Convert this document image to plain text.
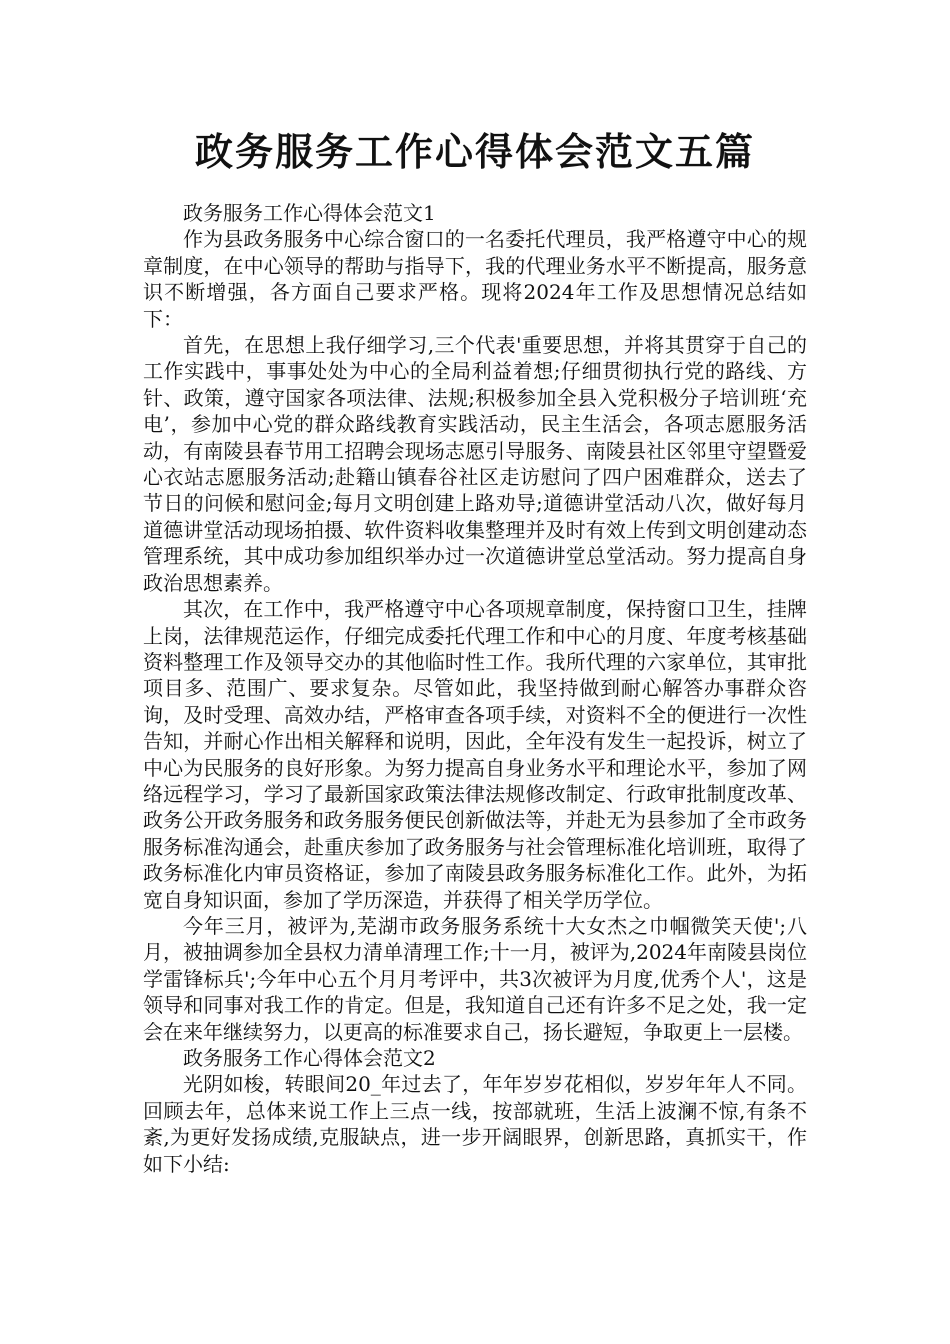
政务服务工作心得体会范文五篇

政务服务工作心得体会范文1

作为县政务服务中心综合窗口的一名委托代理员，我严格遵守中心的规章制度，在中心领导的帮助与指导下，我的代理业务水平不断提高，服务意识不断增强，各方面自己要求严格。现将2024年工作及思想情况总结如下：

首先，在思想上我仔细学习,三个代表'重要思想，并将其贯穿于自己的工作实践中，事事处处为中心的全局利益着想;仔细贯彻执行党的路线、方针、政策，遵守国家各项法律、法规;积极参加全县入党积极分子培训班‘充电’，参加中心党的群众路线教育实践活动，民主生活会，各项志愿服务活动，有南陵县春节用工招聘会现场志愿引导服务、南陵县社区邻里守望暨爱心衣站志愿服务活动;赴籍山镇春谷社区走访慰问了四户困难群众，送去了节日的问候和慰问金;每月文明创建上路劝导;道德讲堂活动八次，做好每月道德讲堂活动现场拍摄、软件资料收集整理并及时有效上传到文明创建动态管理系统，其中成功参加组织举办过一次道德讲堂总堂活动。努力提高自身政治思想素养。

其次，在工作中，我严格遵守中心各项规章制度，保持窗口卫生，挂牌上岗，法律规范运作，仔细完成委托代理工作和中心的月度、年度考核基础资料整理工作及领导交办的其他临时性工作。我所代理的六家单位，其审批项目多、范围广、要求复杂。尽管如此，我坚持做到耐心解答办事群众咨询，及时受理、高效办结，严格审查各项手续，对资料不全的便进行一次性告知，并耐心作出相关解释和说明，因此，全年没有发生一起投诉，树立了中心为民服务的良好形象。为努力提高自身业务水平和理论水平，参加了网络远程学习，学习了最新国家政策法律法规修改制定、行政审批制度改革、政务公开政务服务和政务服务便民创新做法等，并赴无为县参加了全市政务服务标准沟通会，赴重庆参加了政务服务与社会管理标准化培训班，取得了政务标准化内审员资格证，参加了南陵县政务服务标准化工作。此外，为拓宽自身知识面，参加了学历深造，并获得了相关学历学位。

今年三月，被评为,芜湖市政务服务系统十大女杰之巾帼微笑天使';八月，被抽调参加全县权力清单清理工作;十一月，被评为,2024年南陵县岗位学雷锋标兵';今年中心五个月月考评中，共3次被评为月度,优秀个人'，这是领导和同事对我工作的肯定。但是，我知道自己还有许多不足之处，我一定会在来年继续努力，以更高的标准要求自己，扬长避短，争取更上一层楼。

政务服务工作心得体会范文2

光阴如梭，转眼间20_年过去了，年年岁岁花相似，岁岁年年人不同。回顾去年，总体来说工作上三点一线，按部就班，生活上波澜不惊,有条不紊,为更好发扬成绩,克服缺点，进一步开阔眼界，创新思路，真抓实干，作如下小结:
